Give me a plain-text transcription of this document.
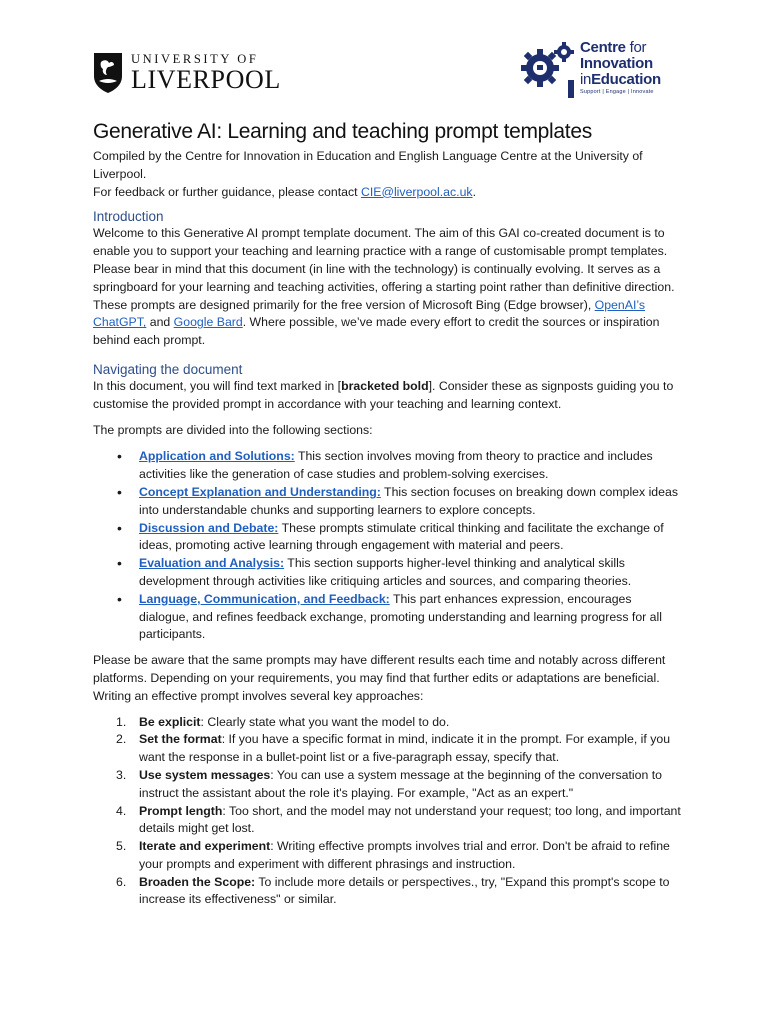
UNIVERSITY OF
LIVERPOOL
Centre for
Innovation
inEducation
Support | Engage | Innovate
Generative AI: Learning and teaching prompt templates

Compiled by the Centre for Innovation in Education and English Language Centre at the University of Liverpool.

For feedback or further guidance, please contact CIE@liverpool.ac.uk.

Introduction

Welcome to this Generative AI prompt template document. The aim of this GAI co-created document is to enable you to support your teaching and learning practice with a range of customisable prompt templates. Please bear in mind that this document (in line with the technology) is continually evolving. It serves as a springboard for your learning and teaching activities, offering a starting point rather than definitive direction. These prompts are designed primarily for the free version of Microsoft Bing (Edge browser), OpenAI’s ChatGPT, and Google Bard. Where possible, we’ve made every effort to credit the sources or inspiration behind each prompt.

Navigating the document

In this document, you will find text marked in [bracketed bold]. Consider these as signposts guiding you to customise the provided prompt in accordance with your teaching and learning context.

The prompts are divided into the following sections:

• Application and Solutions: This section involves moving from theory to practice and includes activities like the generation of case studies and problem-solving exercises.
• Concept Explanation and Understanding: This section focuses on breaking down complex ideas into understandable chunks and supporting learners to explore concepts.
• Discussion and Debate: These prompts stimulate critical thinking and facilitate the exchange of ideas, promoting active learning through engagement with material and peers.
• Evaluation and Analysis: This section supports higher-level thinking and analytical skills development through activities like critiquing articles and sources, and comparing theories.
• Language, Communication, and Feedback: This part enhances expression, encourages dialogue, and refines feedback exchange, promoting understanding and learning progress for all participants.

Please be aware that the same prompts may have different results each time and notably across different platforms. Depending on your requirements, you may find that further edits or adaptations are beneficial. Writing an effective prompt involves several key approaches:

1. Be explicit: Clearly state what you want the model to do.
2. Set the format: If you have a specific format in mind, indicate it in the prompt. For example, if you want the response in a bullet-point list or a five-paragraph essay, specify that.
3. Use system messages: You can use a system message at the beginning of the conversation to instruct the assistant about the role it's playing. For example, "Act as an expert."
4. Prompt length: Too short, and the model may not understand your request; too long, and important details might get lost.
5. Iterate and experiment: Writing effective prompts involves trial and error. Don't be afraid to refine your prompts and experiment with different phrasings and instruction.
6. Broaden the Scope: To include more details or perspectives., try, "Expand this prompt's scope to increase its effectiveness" or similar.
